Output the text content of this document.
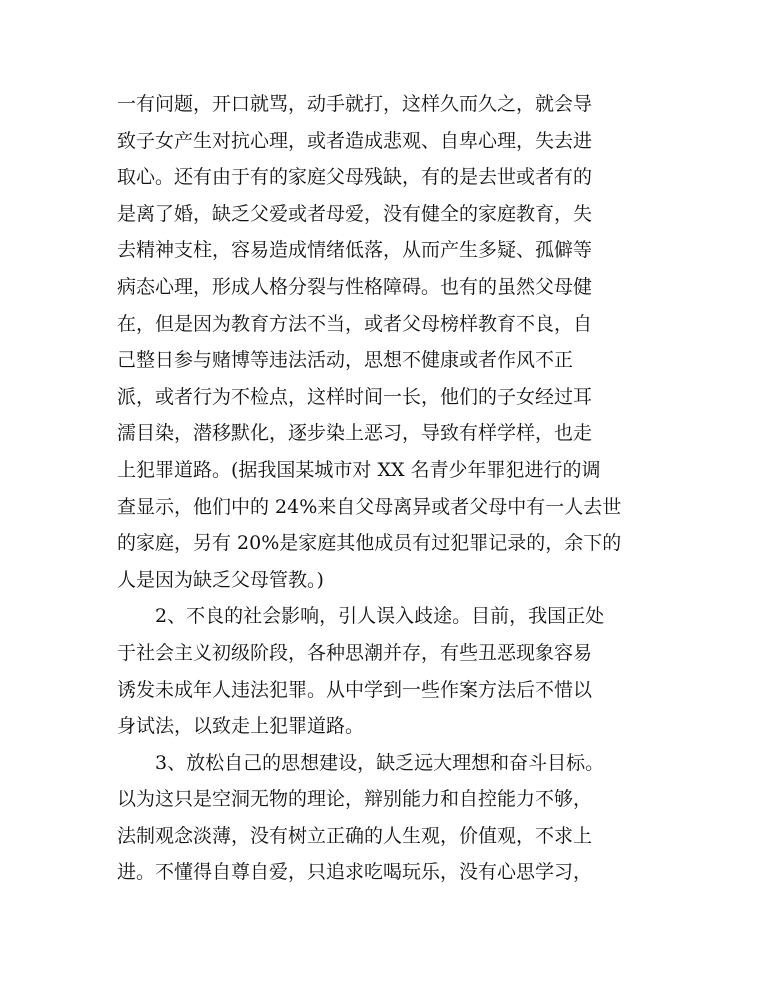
一有问题，开口就骂，动手就打，这样久而久之，就会导
致子女产生对抗心理，或者造成悲观、自卑心理，失去进
取心。还有由于有的家庭父母残缺，有的是去世或者有的
是离了婚，缺乏父爱或者母爱，没有健全的家庭教育，失
去精神支柱，容易造成情绪低落，从而产生多疑、孤僻等
病态心理，形成人格分裂与性格障碍。也有的虽然父母健
在，但是因为教育方法不当，或者父母榜样教育不良，自
己整日参与赌博等违法活动，思想不健康或者作风不正
派，或者行为不检点，这样时间一长，他们的子女经过耳
濡目染，潜移默化，逐步染上恶习，导致有样学样，也走
上犯罪道路。(据我国某城市对 XX 名青少年罪犯进行的调
查显示，他们中的 24%来自父母离异或者父母中有一人去世
的家庭，另有 20%是家庭其他成员有过犯罪记录的，余下的
人是因为缺乏父母管教。)
2、不良的社会影响，引人误入歧途。目前，我国正处
于社会主义初级阶段，各种思潮并存，有些丑恶现象容易
诱发未成年人违法犯罪。从中学到一些作案方法后不惜以
身试法，以致走上犯罪道路。
3、放松自己的思想建设，缺乏远大理想和奋斗目标。
以为这只是空洞无物的理论，辩别能力和自控能力不够，
法制观念淡薄，没有树立正确的人生观，价值观，不求上
进。不懂得自尊自爱，只追求吃喝玩乐，没有心思学习，
